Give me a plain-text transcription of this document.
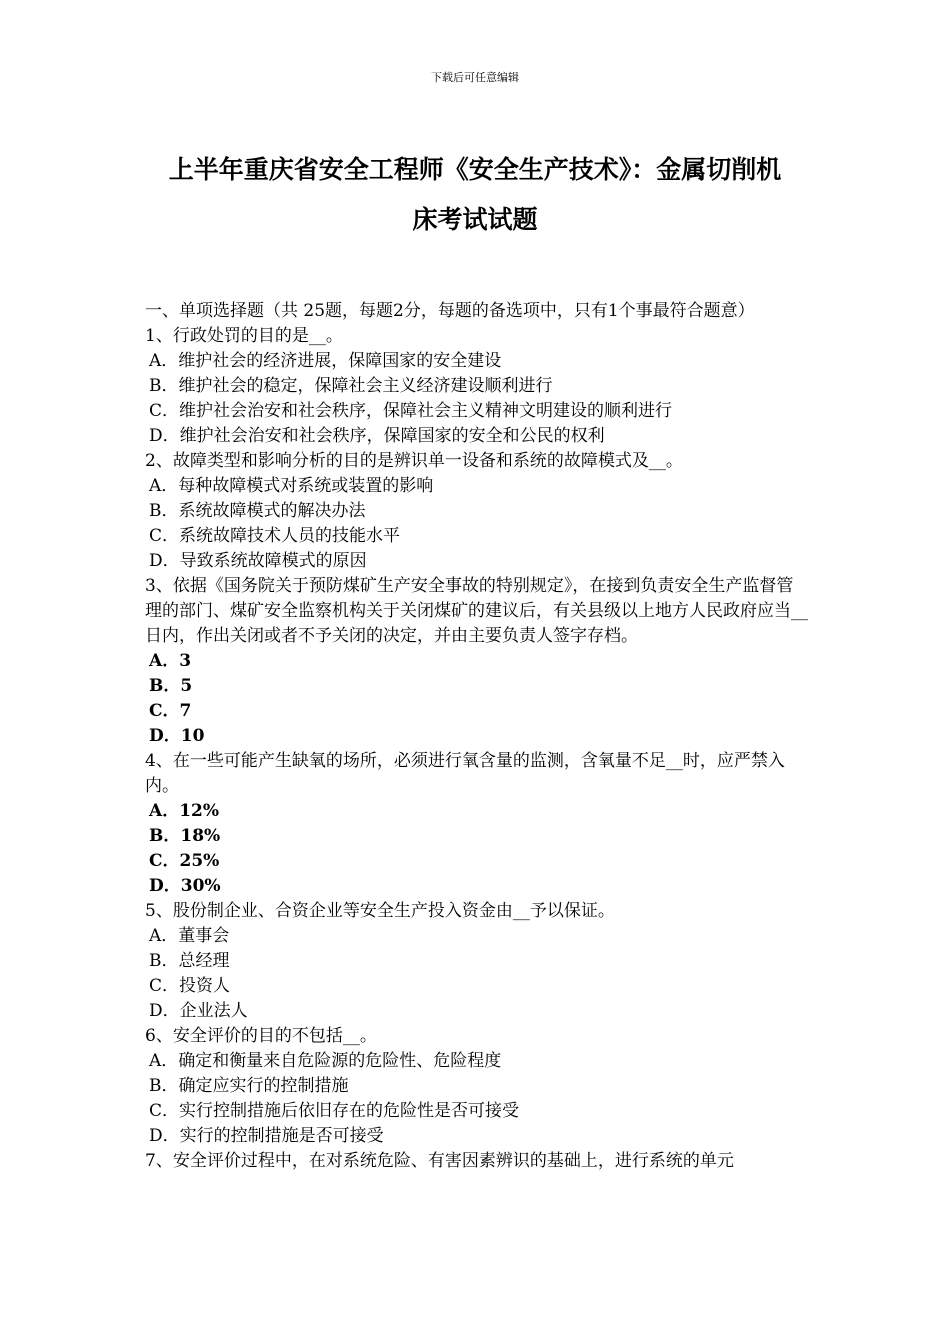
下载后可任意编辑
上半年重庆省安全工程师《安全生产技术》：金属切削机
床考试试题

一、单项选择题（共 25题，每题2分，每题的备选项中，只有1个事最符合题意）

1、行政处罚的目的是__。

A．维护社会的经济进展，保障国家的安全建设

B．维护社会的稳定，保障社会主义经济建设顺利进行

C．维护社会治安和社会秩序，保障社会主义精神文明建设的顺利进行

D．维护社会治安和社会秩序，保障国家的安全和公民的权利

2、故障类型和影响分析的目的是辨识单一设备和系统的故障模式及__。

A．每种故障模式对系统或装置的影响

B．系统故障模式的解决办法

C．系统故障技术人员的技能水平

D．导致系统故障模式的原因

3、依据《国务院关于预防煤矿生产安全事故的特别规定》，在接到负责安全生产监督管理的部门、煤矿安全监察机构关于关闭煤矿的建议后，有关县级以上地方人民政府应当__日内，作出关闭或者不予关闭的决定，并由主要负责人签字存档。

A．3

B．5

C．7

D．10

4、在一些可能产生缺氧的场所，必须进行氧含量的监测，含氧量不足__时，应严禁入内。

A．12%

B．18%

C．25%

D．30%

5、股份制企业、合资企业等安全生产投入资金由__予以保证。

A．董事会

B．总经理

C．投资人

D．企业法人

6、安全评价的目的不包括__。

A．确定和衡量来自危险源的危险性、危险程度

B．确定应实行的控制措施

C．实行控制措施后依旧存在的危险性是否可接受

D．实行的控制措施是否可接受

7、安全评价过程中，在对系统危险、有害因素辨识的基础上，进行系统的单元
